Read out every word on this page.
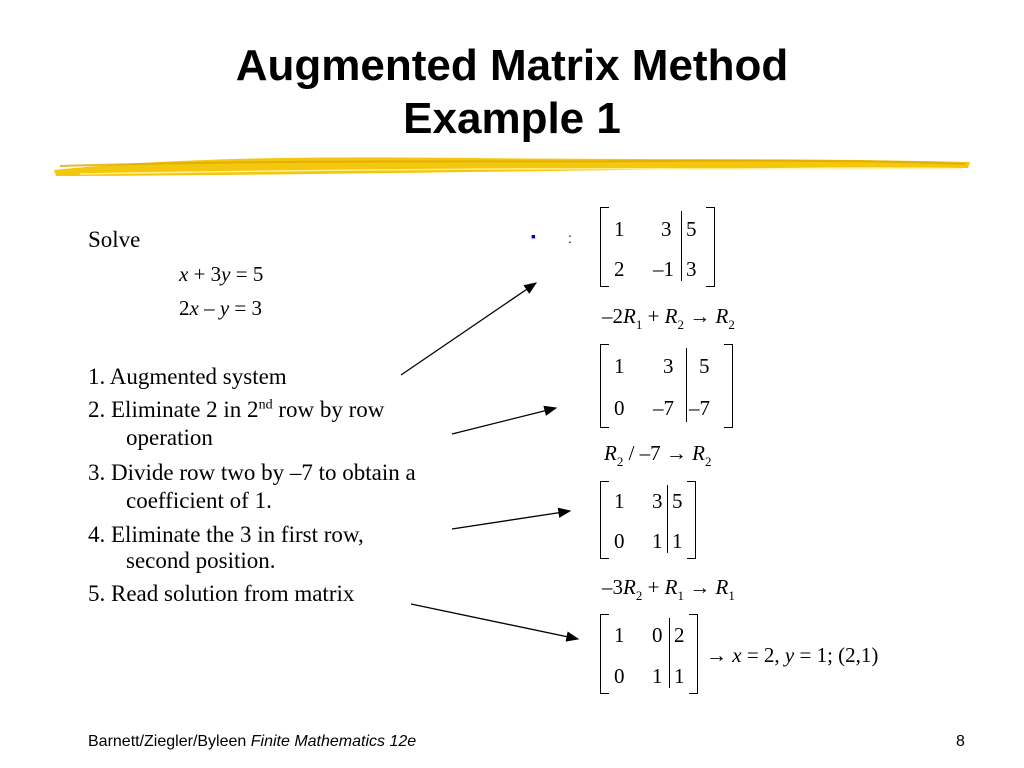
Augmented Matrix Method
Example 1
Solve
x + 3y = 5
2x – y = 3
1. Augmented system
2. Eliminate 2 in 2nd row by row
operation
3. Divide row two by –7 to obtain a
coefficient of 1.
4. Eliminate the 3 in first row,
second position.
5. Read solution from matrix
▪ : 1 3 5
2 –1 3
$-2R_1 + R_2 \to R_2$
1 3 5
0 –7 –7
$R_2 / -7 \to R_2$
1 3 5
0 1 1
$-3R_2 + R_1 \to R_1$
1 0 2
0 1 1
→ x = 2, y = 1; (2,1)
Barnett/Ziegler/Byleen Finite Mathematics 12e	8
